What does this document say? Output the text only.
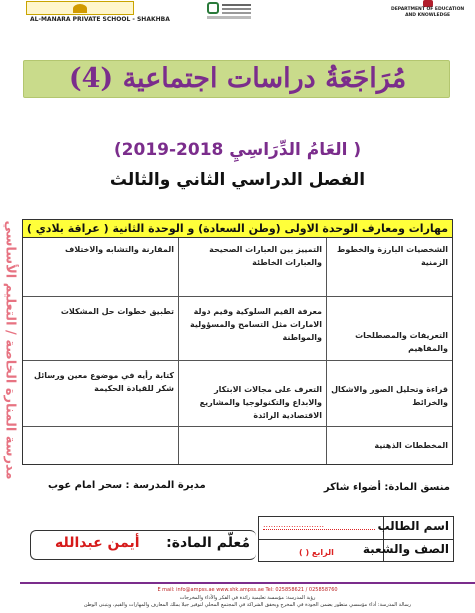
AL-MANARA PRIVATE SCHOOL - SHAKHBA
DEPARTMENT OF EDUCATION
AND KNOWLEDGE
مُرَاجَعَةُ دراسات اجتماعية (4)
( العَامُ الدِّرَاسِيِ 2018-2019)
الفصل الدراسي الثاني والثالث
مدرسة المنارة الخاصة / التعليم الأساسي مهارات ومعارف الوحدة الاولى (وطن السعادة) و الوحدة الثانية ( عراقة بلادي )
الشخصيات البارزة والخطوط الزمنية
التمييز بين العبارات الصحيحة والعبارات الخاطئة
المقارنة والتشابه والاختلاف
التعريفات والمصطلحات والمفاهيم
معرفة القيم السلوكية وقيم دولة الامارات مثل التسامح والمسؤولية والمواطنة
تطبيق خطوات حل المشكلات
قراءة وتحليل الصور والاشكال والخرائط
التعرف على مجالات الابتكار والابداع والتكنولوجيا والمشاريع الاقتصادية الرائدة
كتابة رأيه في موضوع معين ورسائل شكر للقيادة الحكيمة
المخططات الذهنية
منسق المادة: أضواء شاكر
مديرة المدرسة : سحر امام عوب
مُعلّم المادة:
أيمن عبدالله
اسم الطالب
........................
الصف والشعبة
الرابع ( )
E mail: info@ampss.ae www.shk.ampss.ae Tel: 025858621 / 025858760
رؤية المدرسة: مؤسسة تعليمية رائدة في الفكر والأداء والمخرجات
رسالة المدرسة: أداء مؤسسي متطور يضمن الجودة في المخرج ويحقق الشراكة في المجتمع المحلي لتوفير جيلا يملك المعارف والمهارات والقيم، ويتبنى الوطن
